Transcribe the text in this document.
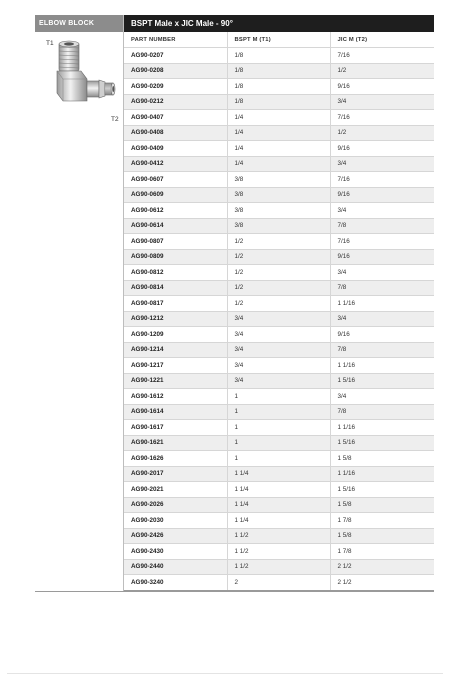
ELBOW BLOCK
T1
T2
BSPT Male x JIC Male - 90°
PART NUMBER	BSPT M (T1)	JIC M (T2)
AG90-0207	1/8	7/16
AG90-0208	1/8	1/2
AG90-0209	1/8	9/16
AG90-0212	1/8	3/4
AG90-0407	1/4	7/16
AG90-0408	1/4	1/2
AG90-0409	1/4	9/16
AG90-0412	1/4	3/4
AG90-0607	3/8	7/16
AG90-0609	3/8	9/16
AG90-0612	3/8	3/4
AG90-0614	3/8	7/8
AG90-0807	1/2	7/16
AG90-0809	1/2	9/16
AG90-0812	1/2	3/4
AG90-0814	1/2	7/8
AG90-0817	1/2	1 1/16
AG90-1212	3/4	3/4
AG90-1209	3/4	9/16
AG90-1214	3/4	7/8
AG90-1217	3/4	1 1/16
AG90-1221	3/4	1 5/16
AG90-1612	1	3/4
AG90-1614	1	7/8
AG90-1617	1	1 1/16
AG90-1621	1	1 5/16
AG90-1626	1	1 5/8
AG90-2017	1 1/4	1 1/16
AG90-2021	1 1/4	1 5/16
AG90-2026	1 1/4	1 5/8
AG90-2030	1 1/4	1 7/8
AG90-2426	1 1/2	1 5/8
AG90-2430	1 1/2	1 7/8
AG90-2440	1 1/2	2 1/2
AG90-3240	2	2 1/2
